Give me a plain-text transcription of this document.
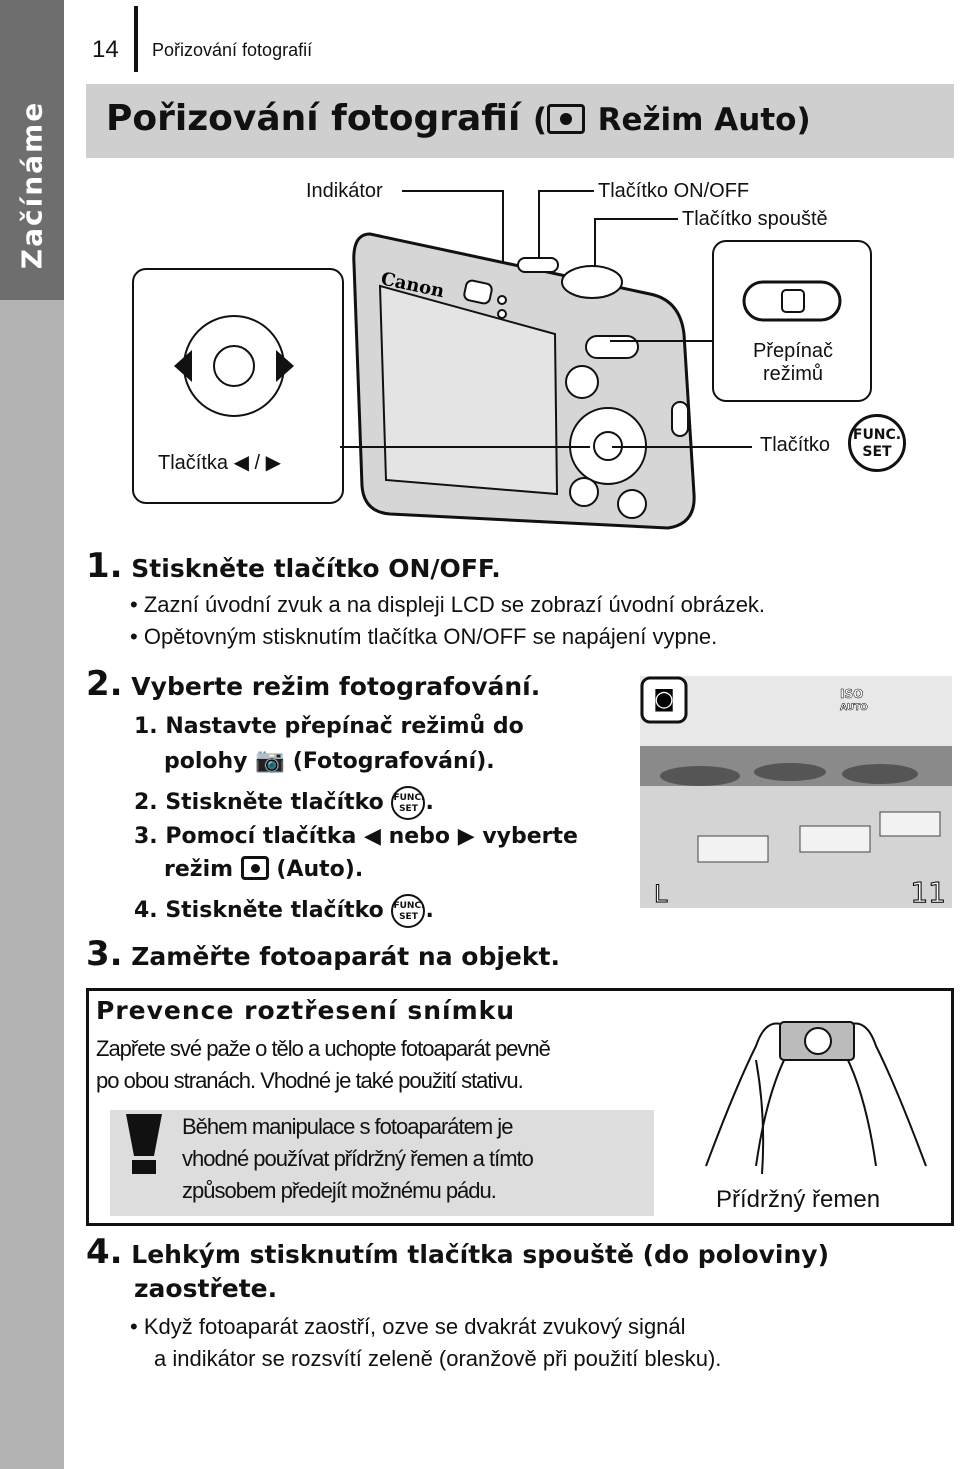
Začínáme
14 Pořizování fotografií
Pořizování fotografií ( Režim Auto)
Indikátor	Tlačítko ON/OFF
Tlačítko spouště
Canon
Tlačítka ◀ / ▶
Přepínač
režimů
Tlačítko	FUNC.
SET
1. Stiskněte tlačítko ON/OFF.
• Zazní úvodní zvuk a na displeji LCD se zobrazí úvodní obrázek.
• Opětovným stisknutím tlačítka ON/OFF se napájení vypne.
2. Vyberte režim fotografování.
1. Nastavte přepínač režimů do
polohy 📷 (Fotografování).
2. Stiskněte tlačítko FUNC.
SET .
3. Pomocí tlačítka ◀ nebo ▶ vyberte
režim (Auto).
4. Stiskněte tlačítko FUNC.
SET .
◙	ISO
AUTO
L	11
3. Zaměřte fotoaparát na objekt.
Prevence roztřesení snímku
Zapřete své paže o tělo a uchopte fotoaparát pevně
po obou stranách. Vhodné je také použití stativu.
Během manipulace s fotoaparátem je
vhodné používat přídržný řemen a tímto
způsobem předejít možnému pádu.	Přídržný řemen
4. Lehkým stisknutím tlačítka spouště (do poloviny)
zaostřete.
• Když fotoaparát zaostří, ozve se dvakrát zvukový signál
a indikátor se rozsvítí zeleně (oranžově při použití blesku).
